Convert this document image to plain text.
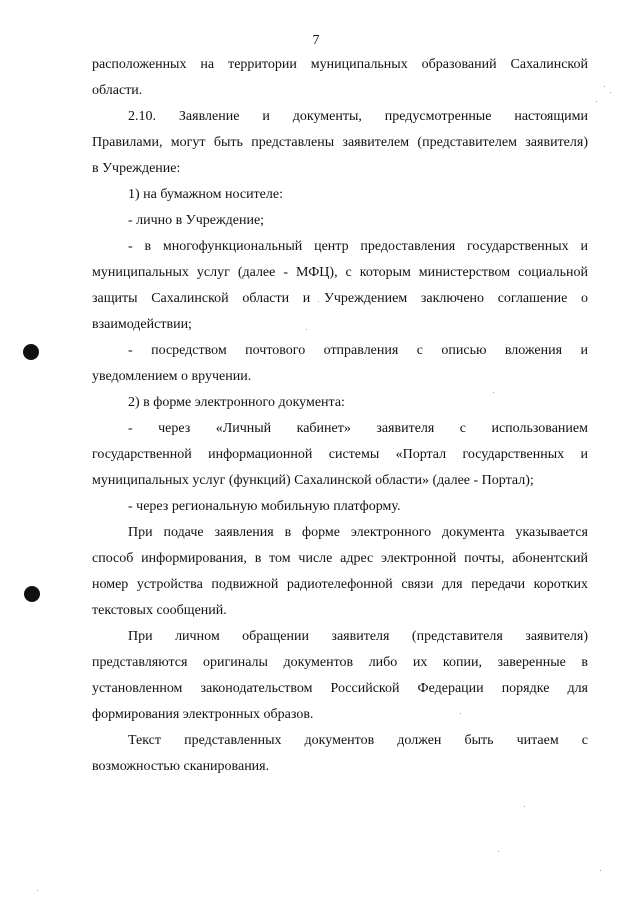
7
расположенных на территории муниципальных образований Сахалинской
области.
2.10. Заявление и документы, предусмотренные настоящими
Правилами, могут быть представлены заявителем (представителем заявителя)
в Учреждение:
1) на бумажном носителе:
- лично в Учреждение;
- в многофункциональный центр предоставления государственных и
муниципальных услуг (далее - МФЦ), с которым министерством социальной
защиты Сахалинской области и Учреждением заключено соглашение о
взаимодействии;
- посредством почтового отправления с описью вложения и
уведомлением о вручении.
2) в форме электронного документа:
- через «Личный кабинет» заявителя с использованием
государственной информационной системы «Портал государственных и
муниципальных услуг (функций) Сахалинской области» (далее - Портал);
- через региональную мобильную платформу.
При подаче заявления в форме электронного документа указывается
способ информирования, в том числе адрес электронной почты, абонентский
номер устройства подвижной радиотелефонной связи для передачи коротких
текстовых сообщений.
При личном обращении заявителя (представителя заявителя)
представляются оригиналы документов либо их копии, заверенные в
установленном законодательством Российской Федерации порядке для
формирования электронных образов.
Текст представленных документов должен быть читаем с
возможностью сканирования.
